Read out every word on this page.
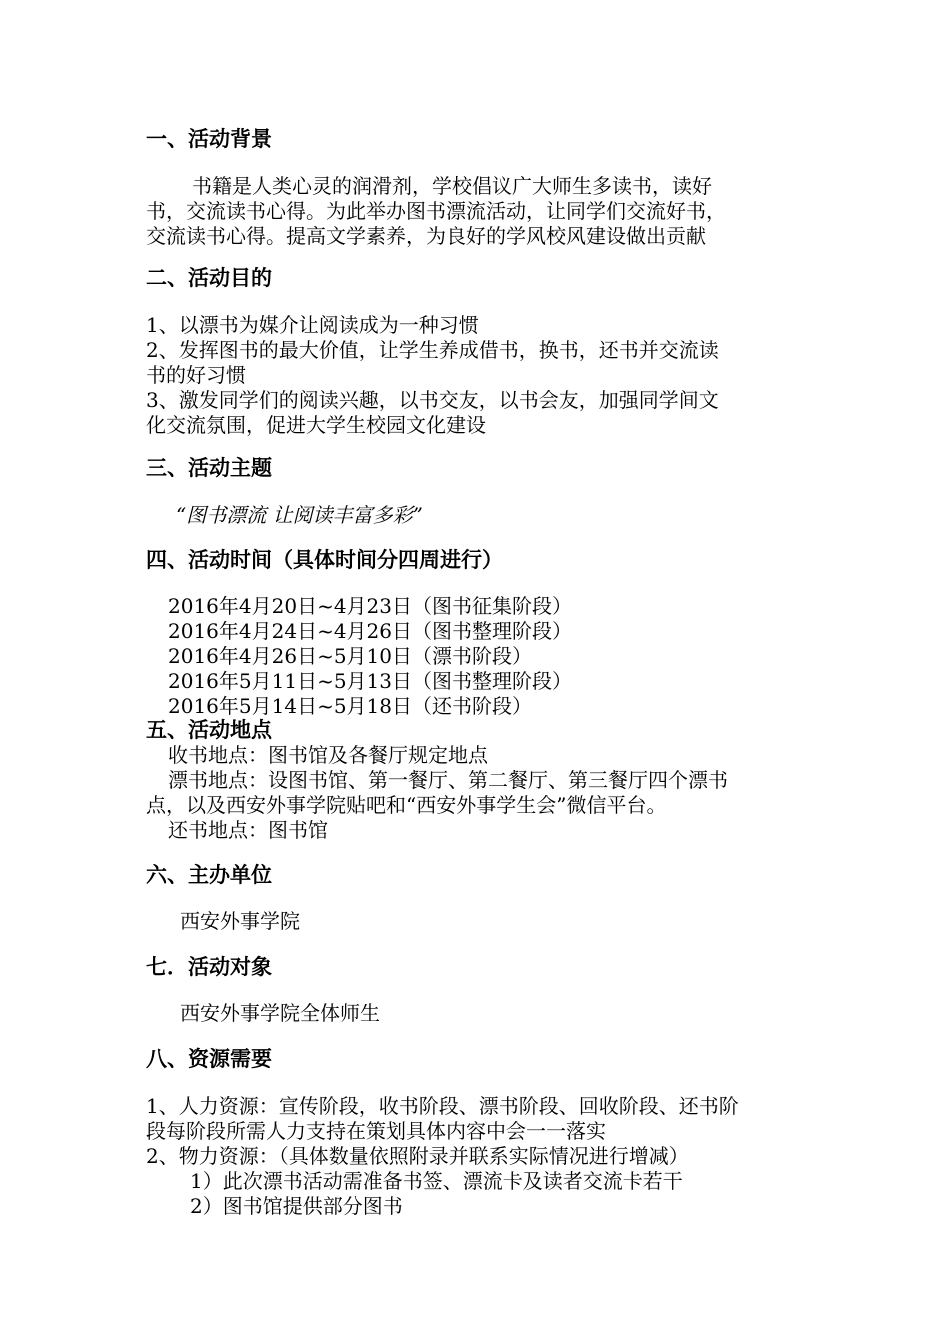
一、活动背景
书籍是人类心灵的润滑剂，学校倡议广大师生多读书，读好
书，交流读书心得。为此举办图书漂流活动，让同学们交流好书，
交流读书心得。提高文学素养，为良好的学风校风建设做出贡献
二、活动目的
1、以漂书为媒介让阅读成为一种习惯
2、发挥图书的最大价值，让学生养成借书，换书，还书并交流读
书的好习惯
3、激发同学们的阅读兴趣，以书交友，以书会友，加强同学间文
化交流氛围，促进大学生校园文化建设
三、活动主题
“图书漂流 让阅读丰富多彩”
四、活动时间（具体时间分四周进行）
2016年4月20日~4月23日（图书征集阶段）
2016年4月24日~4月26日（图书整理阶段）
2016年4月26日~5月10日（漂书阶段）
2016年5月11日~5月13日（图书整理阶段）
2016年5月14日~5月18日（还书阶段）
五、活动地点
收书地点：图书馆及各餐厅规定地点
漂书地点：设图书馆、第一餐厅、第二餐厅、第三餐厅四个漂书
点，以及西安外事学院贴吧和“西安外事学生会”微信平台。
还书地点：图书馆
六、主办单位
西安外事学院
七．活动对象
西安外事学院全体师生
八、资源需要
1、人力资源：宣传阶段，收书阶段、漂书阶段、回收阶段、还书阶
段每阶段所需人力支持在策划具体内容中会一一落实
2、物力资源：（具体数量依照附录并联系实际情况进行增减）
1）此次漂书活动需准备书签、漂流卡及读者交流卡若干
2）图书馆提供部分图书
